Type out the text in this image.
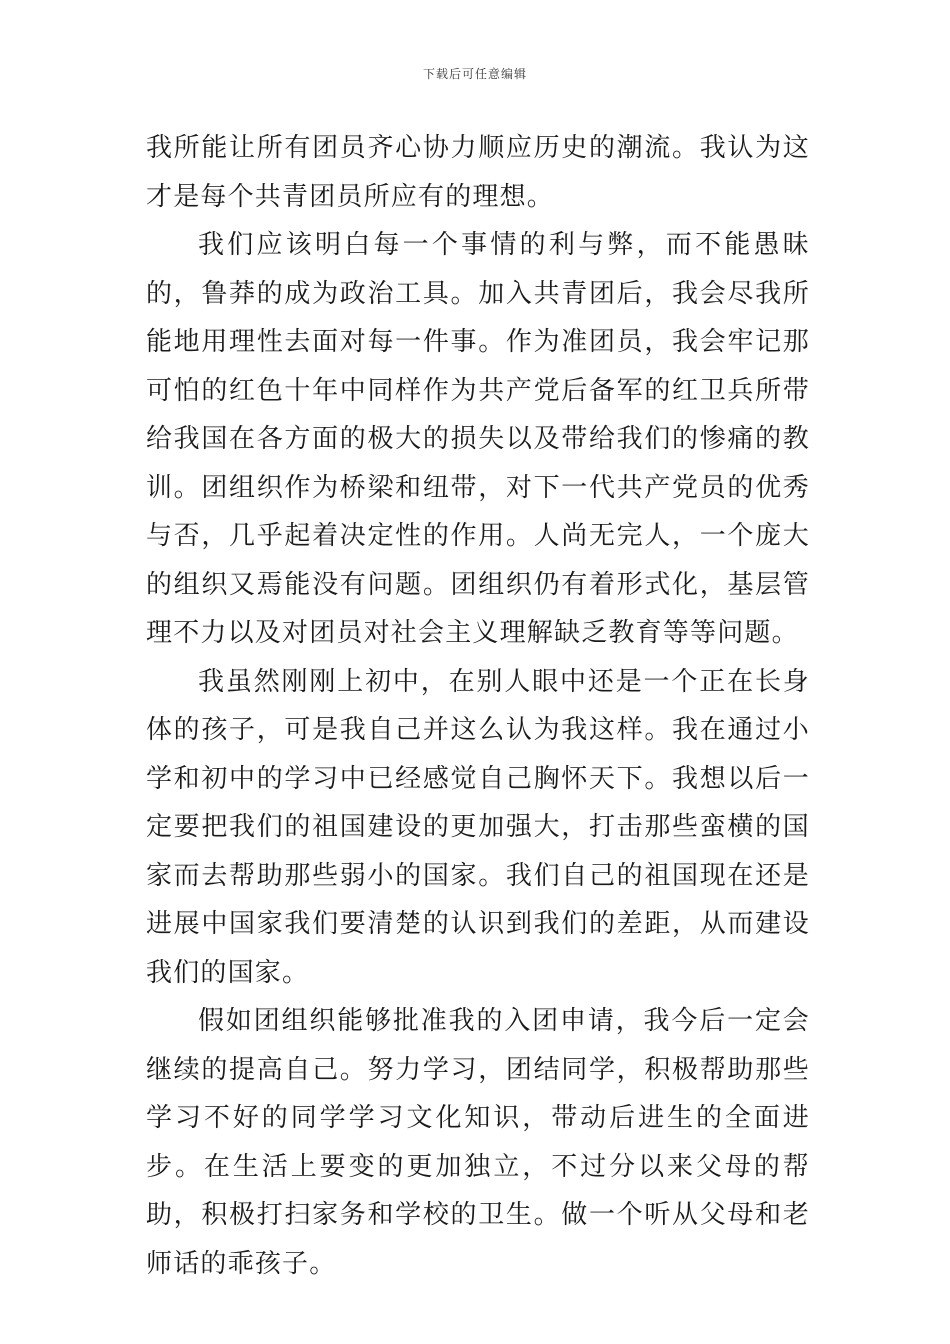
下载后可任意编辑

我所能让所有团员齐心协力顺应历史的潮流。我认为这才是每个共青团员所应有的理想。

我们应该明白每一个事情的利与弊，而不能愚昧的，鲁莽的成为政治工具。加入共青团后，我会尽我所能地用理性去面对每一件事。作为准团员，我会牢记那可怕的红色十年中同样作为共产党后备军的红卫兵所带给我国在各方面的极大的损失以及带给我们的惨痛的教训。团组织作为桥梁和纽带，对下一代共产党员的优秀与否，几乎起着决定性的作用。人尚无完人，一个庞大的组织又焉能没有问题。团组织仍有着形式化，基层管理不力以及对团员对社会主义理解缺乏教育等等问题。

我虽然刚刚上初中，在别人眼中还是一个正在长身体的孩子，可是我自己并这么认为我这样。我在通过小学和初中的学习中已经感觉自己胸怀天下。我想以后一定要把我们的祖国建设的更加强大，打击那些蛮横的国家而去帮助那些弱小的国家。我们自己的祖国现在还是进展中国家我们要清楚的认识到我们的差距，从而建设我们的国家。

假如团组织能够批准我的入团申请，我今后一定会继续的提高自己。努力学习，团结同学，积极帮助那些学习不好的同学学习文化知识，带动后进生的全面进步。在生活上要变的更加独立，不过分以来父母的帮助，积极打扫家务和学校的卫生。做一个听从父母和老师话的乖孩子。
